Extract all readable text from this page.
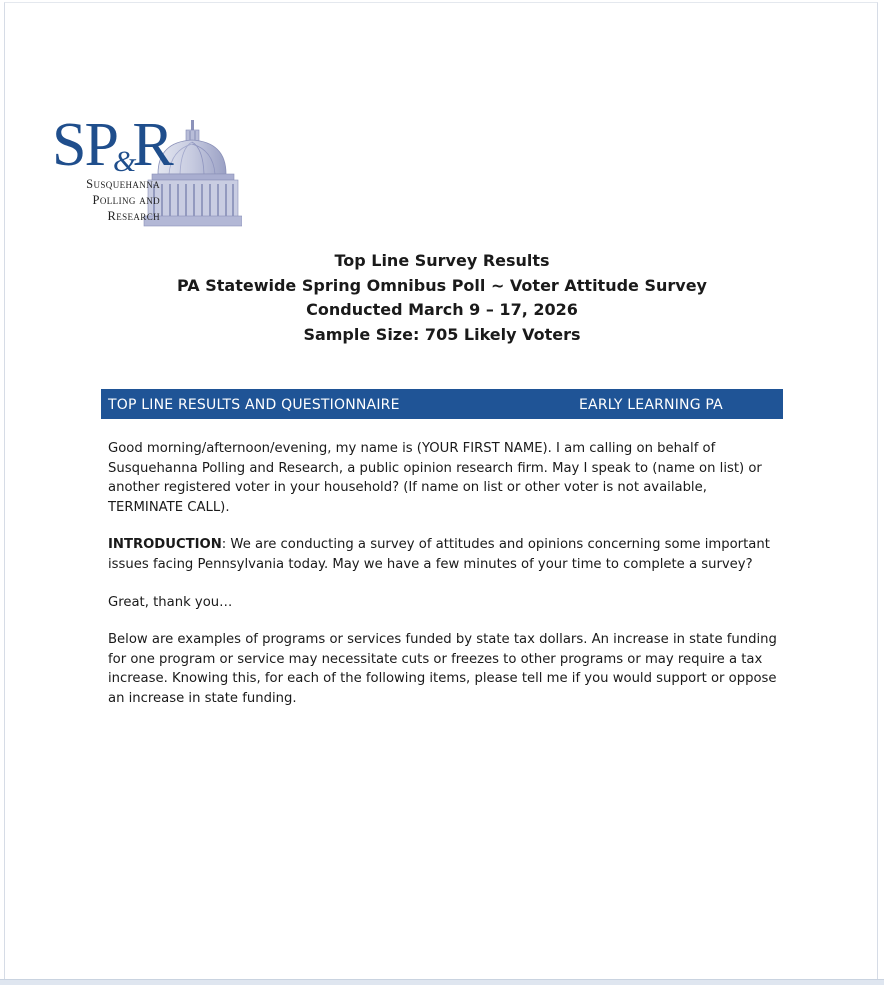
SP&R
Susquehanna
Polling and
Research
Top Line Survey Results
PA Statewide Spring Omnibus Poll ~ Voter Attitude Survey
Conducted March 9 – 17, 2026
Sample Size: 705 Likely Voters
TOP LINE RESULTS AND QUESTIONNAIRE	EARLY LEARNING PA
Good morning/afternoon/evening, my name is (YOUR FIRST NAME). I am calling on behalf of Susquehanna Polling and Research, a public opinion research firm. May I speak to (name on list) or another registered voter in your household? (If name on list or other voter is not available, TERMINATE CALL).
INTRODUCTION: We are conducting a survey of attitudes and opinions concerning some important issues facing Pennsylvania today. May we have a few minutes of your time to complete a survey?
Great, thank you…
Below are examples of programs or services funded by state tax dollars. An increase in state funding for one program or service may necessitate cuts or freezes to other programs or may require a tax increase. Knowing this, for each of the following items, please tell me if you would support or oppose an increase in state funding.
